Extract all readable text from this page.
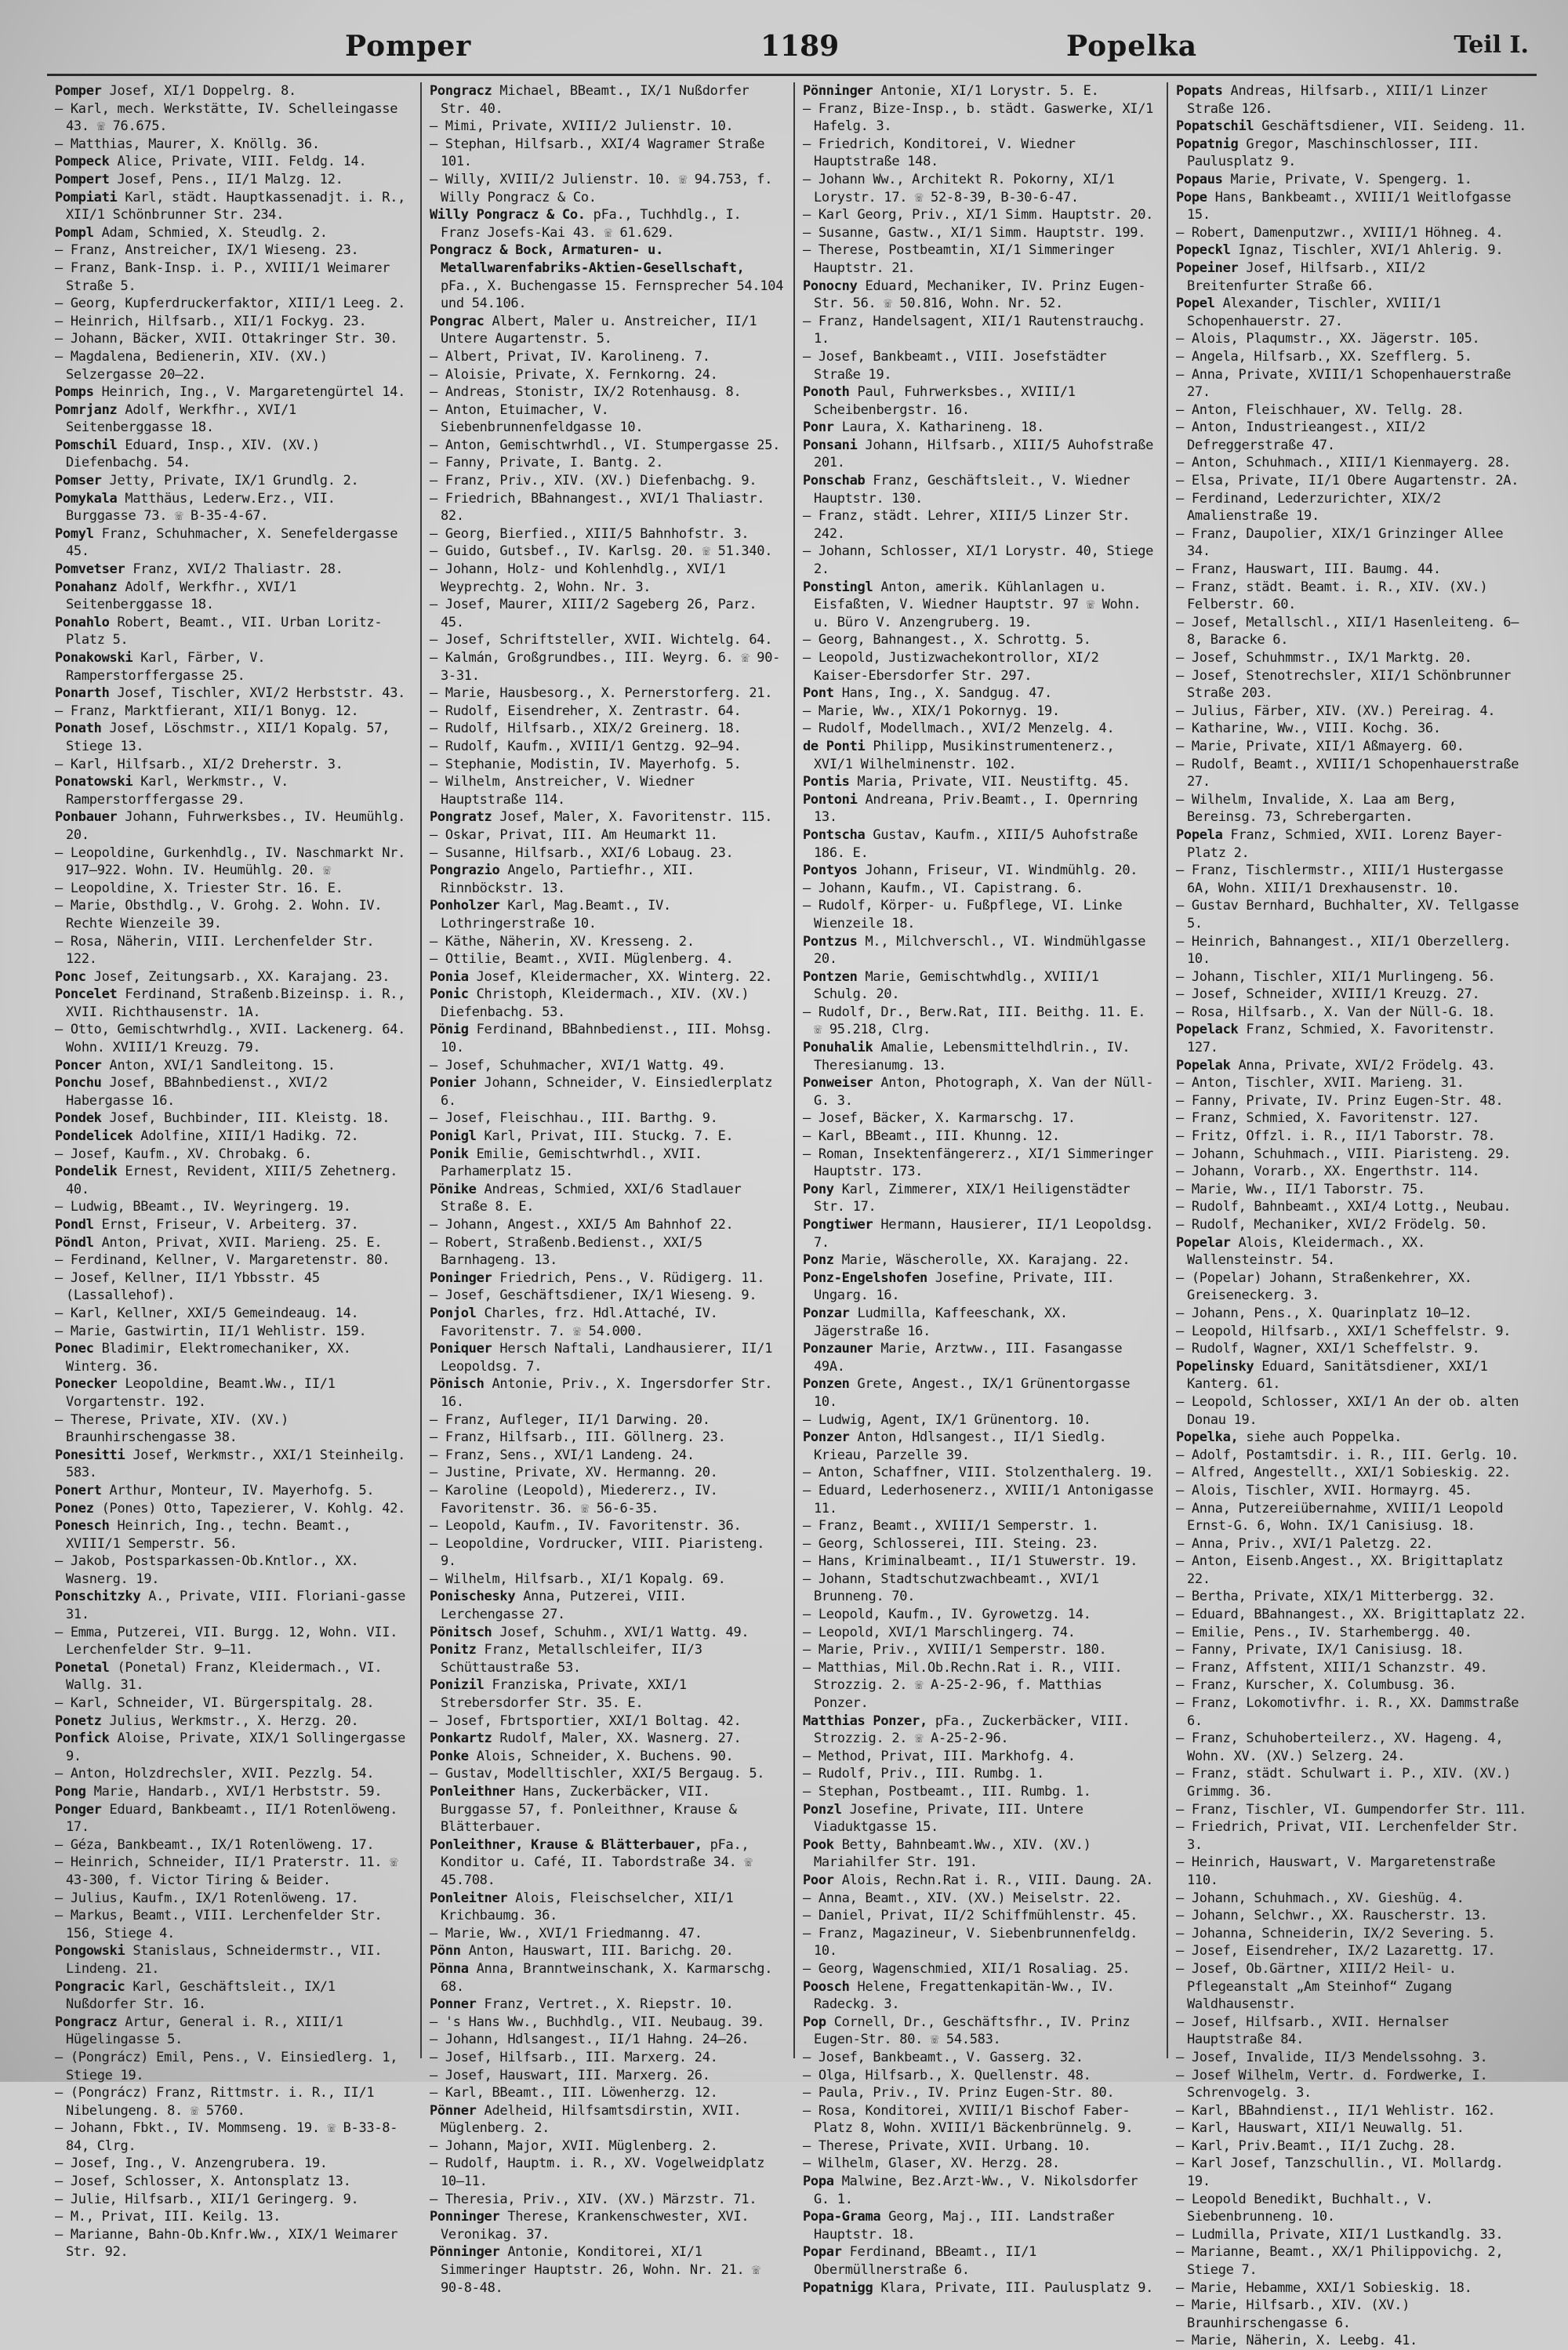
Pomper	1189	Popelka	Teil I.
Pomper Josef, XI/1 Doppelrg. 8.
– Karl, mech. Werkstätte, IV. Schelleingasse 43. ☏ 76.675.
– Matthias, Maurer, X. Knöllg. 36.
Pompeck Alice, Private, VIII. Feldg. 14.
Pompert Josef, Pens., II/1 Malzg. 12.
Pompiati Karl, städt. Hauptkassenadjt. i. R., XII/1 Schönbrunner Str. 234.
Pompl Adam, Schmied, X. Steudlg. 2.
– Franz, Anstreicher, IX/1 Wieseng. 23.
– Franz, Bank-Insp. i. P., XVIII/1 Weimarer Straße 5.
– Georg, Kupferdruckerfaktor, XIII/1 Leeg. 2.
– Heinrich, Hilfsarb., XII/1 Fockyg. 23.
– Johann, Bäcker, XVII. Ottakringer Str. 30.
– Magdalena, Bedienerin, XIV. (XV.) Selzergasse 20–22.
Pomps Heinrich, Ing., V. Margaretengürtel 14.
Pomrjanz Adolf, Werkfhr., XVI/1 Seitenberggasse 18.
Pomschil Eduard, Insp., XIV. (XV.) Diefenbachg. 54.
Pomser Jetty, Private, IX/1 Grundlg. 2.
Pomykala Matthäus, Lederw.Erz., VII. Burggasse 73. ☏ B-35-4-67.
Pomyl Franz, Schuhmacher, X. Senefeldergasse 45.
Pomvetser Franz, XVI/2 Thaliastr. 28.
Ponahanz Adolf, Werkfhr., XVI/1 Seitenberggasse 18.
Ponahlo Robert, Beamt., VII. Urban Loritz-Platz 5.
Ponakowski Karl, Färber, V. Ramperstorffergasse 25.
Ponarth Josef, Tischler, XVI/2 Herbststr. 43.
– Franz, Marktfierant, XII/1 Bonyg. 12.
Ponath Josef, Löschmstr., XII/1 Kopalg. 57, Stiege 13.
– Karl, Hilfsarb., XI/2 Dreherstr. 3.
Ponatowski Karl, Werkmstr., V. Ramperstorffergasse 29.
Ponbauer Johann, Fuhrwerksbes., IV. Heumühlg. 20.
– Leopoldine, Gurkenhdlg., IV. Naschmarkt Nr. 917–922. Wohn. IV. Heumühlg. 20. ☏
– Leopoldine, X. Triester Str. 16. E.
– Marie, Obsthdlg., V. Grohg. 2. Wohn. IV. Rechte Wienzeile 39.
– Rosa, Näherin, VIII. Lerchenfelder Str. 122.
Ponc Josef, Zeitungsarb., XX. Karajang. 23.
Poncelet Ferdinand, Straßenb.Bizeinsp. i. R., XVII. Richthausenstr. 1A.
– Otto, Gemischtwrhdlg., XVII. Lackenerg. 64. Wohn. XVIII/1 Kreuzg. 79.
Poncer Anton, XVI/1 Sandleitong. 15.
Ponchu Josef, BBahnbedienst., XVI/2 Habergasse 16.
Pondek Josef, Buchbinder, III. Kleistg. 18.
Pondelicek Adolfine, XIII/1 Hadikg. 72.
– Josef, Kaufm., XV. Chrobakg. 6.
Pondelik Ernest, Revident, XIII/5 Zehetnerg. 40.
– Ludwig, BBeamt., IV. Weyringerg. 19.
Pondl Ernst, Friseur, V. Arbeiterg. 37.
Pöndl Anton, Privat, XVII. Marieng. 25. E.
– Ferdinand, Kellner, V. Margaretenstr. 80.
– Josef, Kellner, II/1 Ybbsstr. 45 (Lassallehof).
– Karl, Kellner, XXI/5 Gemeindeaug. 14.
– Marie, Gastwirtin, II/1 Wehlistr. 159.
Ponec Bladimir, Elektromechaniker, XX. Winterg. 36.
Ponecker Leopoldine, Beamt.Ww., II/1 Vorgartenstr. 192.
– Therese, Private, XIV. (XV.) Braunhirschengasse 38.
Ponesitti Josef, Werkmstr., XXI/1 Steinheilg. 583.
Ponert Arthur, Monteur, IV. Mayerhofg. 5.
Ponez (Pones) Otto, Tapezierer, V. Kohlg. 42.
Ponesch Heinrich, Ing., techn. Beamt., XVIII/1 Semperstr. 56.
– Jakob, Postsparkassen-Ob.Kntlor., XX. Wasnerg. 19.
Ponschitzky A., Private, VIII. Floriani-gasse 31.
– Emma, Putzerei, VII. Burgg. 12, Wohn. VII. Lerchenfelder Str. 9–11.
Ponetal (Ponetal) Franz, Kleidermach., VI. Wallg. 31.
– Karl, Schneider, VI. Bürgerspitalg. 28.
Ponetz Julius, Werkmstr., X. Herzg. 20.
Ponfick Aloise, Private, XIX/1 Sollingergasse 9.
– Anton, Holzdrechsler, XVII. Pezzlg. 54.
Pong Marie, Handarb., XVI/1 Herbststr. 59.
Ponger Eduard, Bankbeamt., II/1 Rotenlöweng. 17.
– Géza, Bankbeamt., IX/1 Rotenlöweng. 17.
– Heinrich, Schneider, II/1 Praterstr. 11. ☏ 43-300, f. Victor Tiring & Beider.
– Julius, Kaufm., IX/1 Rotenlöweng. 17.
– Markus, Beamt., VIII. Lerchenfelder Str. 156, Stiege 4.
Pongowski Stanislaus, Schneidermstr., VII. Lindeng. 21.
Pongracic Karl, Geschäftsleit., IX/1 Nußdorfer Str. 16.
Pongracz Artur, General i. R., XIII/1 Hügelingasse 5.
– (Pongrácz) Emil, Pens., V. Einsiedlerg. 1, Stiege 19.
– (Pongrácz) Franz, Rittmstr. i. R., II/1 Nibelungeng. 8. ☏ 5760.
– Johann, Fbkt., IV. Mommseng. 19. ☏ B-33-8-84, Clrg.
– Josef, Ing., V. Anzengrubera. 19.
– Josef, Schlosser, X. Antonsplatz 13.
– Julie, Hilfsarb., XII/1 Geringerg. 9.
– M., Privat, III. Keilg. 13.
– Marianne, Bahn-Ob.Knfr.Ww., XIX/1 Weimarer Str. 92.
Pongracz Michael, BBeamt., IX/1 Nußdorfer Str. 40.
– Mimi, Private, XVIII/2 Julienstr. 10.
– Stephan, Hilfsarb., XXI/4 Wagramer Straße 101.
– Willy, XVIII/2 Julienstr. 10. ☏ 94.753, f. Willy Pongracz & Co.
Willy Pongracz & Co. pFa., Tuchhdlg., I. Franz Josefs-Kai 43. ☏ 61.629.
Pongracz & Bock, Armaturen- u. Metallwarenfabriks-Aktien-Gesellschaft, pFa., X. Buchengasse 15. Fernsprecher 54.104 und 54.106.
Pongrac Albert, Maler u. Anstreicher, II/1 Untere Augartenstr. 5.
– Albert, Privat, IV. Karolineng. 7.
– Aloisie, Private, X. Fernkorng. 24.
– Andreas, Stonistr, IX/2 Rotenhausg. 8.
– Anton, Etuimacher, V. Siebenbrunnenfeldgasse 10.
– Anton, Gemischtwrhdl., VI. Stumpergasse 25.
– Fanny, Private, I. Bantg. 2.
– Franz, Priv., XIV. (XV.) Diefenbachg. 9.
– Friedrich, BBahnangest., XVI/1 Thaliastr. 82.
– Georg, Bierfied., XIII/5 Bahnhofstr. 3.
– Guido, Gutsbef., IV. Karlsg. 20. ☏ 51.340.
– Johann, Holz- und Kohlenhdlg., XVI/1 Weyprechtg. 2, Wohn. Nr. 3.
– Josef, Maurer, XIII/2 Sageberg 26, Parz. 45.
– Josef, Schriftsteller, XVII. Wichtelg. 64.
– Kalmán, Großgrundbes., III. Weyrg. 6. ☏ 90-3-31.
– Marie, Hausbesorg., X. Pernerstorferg. 21.
– Rudolf, Eisendreher, X. Zentrastr. 64.
– Rudolf, Hilfsarb., XIX/2 Greinerg. 18.
– Rudolf, Kaufm., XVIII/1 Gentzg. 92–94.
– Stephanie, Modistin, IV. Mayerhofg. 5.
– Wilhelm, Anstreicher, V. Wiedner Hauptstraße 114.
Pongratz Josef, Maler, X. Favoritenstr. 115.
– Oskar, Privat, III. Am Heumarkt 11.
– Susanne, Hilfsarb., XXI/6 Lobaug. 23.
Pongrazio Angelo, Partiefhr., XII. Rinnböckstr. 13.
Ponholzer Karl, Mag.Beamt., IV. Lothringerstraße 10.
– Käthe, Näherin, XV. Kresseng. 2.
– Ottilie, Beamt., XVII. Müglenberg. 4.
Ponia Josef, Kleidermacher, XX. Winterg. 22.
Ponic Christoph, Kleidermach., XIV. (XV.) Diefenbachg. 53.
Pönig Ferdinand, BBahnbedienst., III. Mohsg. 10.
– Josef, Schuhmacher, XVI/1 Wattg. 49.
Ponier Johann, Schneider, V. Einsiedlerplatz 6.
– Josef, Fleischhau., III. Barthg. 9.
Ponigl Karl, Privat, III. Stuckg. 7. E.
Ponik Emilie, Gemischtwrhdl., XVII. Parhamerplatz 15.
Pönike Andreas, Schmied, XXI/6 Stadlauer Straße 8. E.
– Johann, Angest., XXI/5 Am Bahnhof 22.
– Robert, Straßenb.Bedienst., XXI/5 Barnhageng. 13.
Poninger Friedrich, Pens., V. Rüdigerg. 11.
– Josef, Geschäftsdiener, IX/1 Wieseng. 9.
Ponjol Charles, frz. Hdl.Attaché, IV. Favoritenstr. 7. ☏ 54.000.
Poniquer Hersch Naftali, Landhausierer, II/1 Leopoldsg. 7.
Pönisch Antonie, Priv., X. Ingersdorfer Str. 16.
– Franz, Aufleger, II/1 Darwing. 20.
– Franz, Hilfsarb., III. Göllnerg. 23.
– Franz, Sens., XVI/1 Landeng. 24.
– Justine, Private, XV. Hermanng. 20.
– Karoline (Leopold), Miedererz., IV. Favoritenstr. 36. ☏ 56-6-35.
– Leopold, Kaufm., IV. Favoritenstr. 36.
– Leopoldine, Vordrucker, VIII. Piaristeng. 9.
– Wilhelm, Hilfsarb., XI/1 Kopalg. 69.
Ponischesky Anna, Putzerei, VIII. Lerchengasse 27.
Pönitsch Josef, Schuhm., XVI/1 Wattg. 49.
Ponitz Franz, Metallschleifer, II/3 Schüttaustraße 53.
Ponizil Franziska, Private, XXI/1 Strebersdorfer Str. 35. E.
– Josef, Fbrtsportier, XXI/1 Boltag. 42.
Ponkartz Rudolf, Maler, XX. Wasnerg. 27.
Ponke Alois, Schneider, X. Buchens. 90.
– Gustav, Modelltischler, XXI/5 Bergaug. 5.
Ponleithner Hans, Zuckerbäcker, VII. Burggasse 57, f. Ponleithner, Krause & Blätterbauer.
Ponleithner, Krause & Blätterbauer, pFa., Konditor u. Café, II. Tabordstraße 34. ☏ 45.708.
Ponleitner Alois, Fleischselcher, XII/1 Krichbaumg. 36.
– Marie, Ww., XVI/1 Friedmanng. 47.
Pönn Anton, Hauswart, III. Barichg. 20.
Pönna Anna, Branntweinschank, X. Karmarschg. 68.
Ponner Franz, Vertret., X. Riepstr. 10.
– 's Hans Ww., Buchhdlg., VII. Neubaug. 39.
– Johann, Hdlsangest., II/1 Hahng. 24–26.
– Josef, Hilfsarb., III. Marxerg. 24.
– Josef, Hauswart, III. Marxerg. 26.
– Karl, BBeamt., III. Löwenherzg. 12.
Pönner Adelheid, Hilfsamtsdirstin, XVII. Müglenberg. 2.
– Johann, Major, XVII. Müglenberg. 2.
– Rudolf, Hauptm. i. R., XV. Vogelweidplatz 10–11.
– Theresia, Priv., XIV. (XV.) Märzstr. 71.
Ponninger Therese, Krankenschwester, XVI. Veronikag. 37.
Pönninger Antonie, Konditorei, XI/1 Simmeringer Hauptstr. 26, Wohn. Nr. 21. ☏ 90-8-48.
Pönninger Antonie, XI/1 Lorystr. 5. E.
– Franz, Bize-Insp., b. städt. Gaswerke, XI/1 Hafelg. 3.
– Friedrich, Konditorei, V. Wiedner Hauptstraße 148.
– Johann Ww., Architekt R. Pokorny, XI/1 Lorystr. 17. ☏ 52-8-39, B-30-6-47.
– Karl Georg, Priv., XI/1 Simm. Hauptstr. 20.
– Susanne, Gastw., XI/1 Simm. Hauptstr. 199.
– Therese, Postbeamtin, XI/1 Simmeringer Hauptstr. 21.
Ponocny Eduard, Mechaniker, IV. Prinz Eugen-Str. 56. ☏ 50.816, Wohn. Nr. 52.
– Franz, Handelsagent, XII/1 Rautenstrauchg. 1.
– Josef, Bankbeamt., VIII. Josefstädter Straße 19.
Ponoth Paul, Fuhrwerksbes., XVIII/1 Scheibenbergstr. 16.
Ponr Laura, X. Katharineng. 18.
Ponsani Johann, Hilfsarb., XIII/5 Auhofstraße 201.
Ponschab Franz, Geschäftsleit., V. Wiedner Hauptstr. 130.
– Franz, städt. Lehrer, XIII/5 Linzer Str. 242.
– Johann, Schlosser, XI/1 Lorystr. 40, Stiege 2.
Ponstingl Anton, amerik. Kühlanlagen u. Eisfaßten, V. Wiedner Hauptstr. 97 ☏ Wohn. u. Büro V. Anzengruberg. 19.
– Georg, Bahnangest., X. Schrottg. 5.
– Leopold, Justizwachekontrollor, XI/2 Kaiser-Ebersdorfer Str. 297.
Pont Hans, Ing., X. Sandgug. 47.
– Marie, Ww., XIX/1 Pokornyg. 19.
– Rudolf, Modellmach., XVI/2 Menzelg. 4.
de Ponti Philipp, Musikinstrumentenerz., XVI/1 Wilhelminenstr. 102.
Pontis Maria, Private, VII. Neustiftg. 45.
Pontoni Andreana, Priv.Beamt., I. Opernring 13.
Pontscha Gustav, Kaufm., XIII/5 Auhofstraße 186. E.
Pontyos Johann, Friseur, VI. Windmühlg. 20.
– Johann, Kaufm., VI. Capistrang. 6.
– Rudolf, Körper- u. Fußpflege, VI. Linke Wienzeile 18.
Pontzus M., Milchverschl., VI. Windmühlgasse 20.
Pontzen Marie, Gemischtwhdlg., XVIII/1 Schulg. 20.
– Rudolf, Dr., Berw.Rat, III. Beithg. 11. E. ☏ 95.218, Clrg.
Ponuhalik Amalie, Lebensmittelhdlrin., IV. Theresianumg. 13.
Ponweiser Anton, Photograph, X. Van der Nüll-G. 3.
– Josef, Bäcker, X. Karmarschg. 17.
– Karl, BBeamt., III. Khunng. 12.
– Roman, Insektenfängererz., XI/1 Simmeringer Hauptstr. 173.
Pony Karl, Zimmerer, XIX/1 Heiligenstädter Str. 17.
Pongtiwer Hermann, Hausierer, II/1 Leopoldsg. 7.
Ponz Marie, Wäscherolle, XX. Karajang. 22.
Ponz-Engelshofen Josefine, Private, III. Ungarg. 16.
Ponzar Ludmilla, Kaffeeschank, XX. Jägerstraße 16.
Ponzauner Marie, Arztww., III. Fasangasse 49A.
Ponzen Grete, Angest., IX/1 Grünentorgasse 10.
– Ludwig, Agent, IX/1 Grünentorg. 10.
Ponzer Anton, Hdlsangest., II/1 Siedlg. Krieau, Parzelle 39.
– Anton, Schaffner, VIII. Stolzenthalerg. 19.
– Eduard, Lederhosenerz., XVIII/1 Antonigasse 11.
– Franz, Beamt., XVIII/1 Semperstr. 1.
– Georg, Schlosserei, III. Steing. 23.
– Hans, Kriminalbeamt., II/1 Stuwerstr. 19.
– Johann, Stadtschutzwachbeamt., XVI/1 Brunneng. 70.
– Leopold, Kaufm., IV. Gyrowetzg. 14.
– Leopold, XVI/1 Marschlingerg. 74.
– Marie, Priv., XVIII/1 Semperstr. 180.
– Matthias, Mil.Ob.Rechn.Rat i. R., VIII. Strozzig. 2. ☏ A-25-2-96, f. Matthias Ponzer.
Matthias Ponzer, pFa., Zuckerbäcker, VIII. Strozzig. 2. ☏ A-25-2-96.
– Method, Privat, III. Markhofg. 4.
– Rudolf, Priv., III. Rumbg. 1.
– Stephan, Postbeamt., III. Rumbg. 1.
Ponzl Josefine, Private, III. Untere Viaduktgasse 15.
Pook Betty, Bahnbeamt.Ww., XIV. (XV.) Mariahilfer Str. 191.
Poor Alois, Rechn.Rat i. R., VIII. Daung. 2A.
– Anna, Beamt., XIV. (XV.) Meiselstr. 22.
– Daniel, Privat, II/2 Schiffmühlenstr. 45.
– Franz, Magazineur, V. Siebenbrunnenfeldg. 10.
– Georg, Wagenschmied, XII/1 Rosaliag. 25.
Poosch Helene, Fregattenkapitän-Ww., IV. Radeckg. 3.
Pop Cornell, Dr., Geschäftsfhr., IV. Prinz Eugen-Str. 80. ☏ 54.583.
– Josef, Bankbeamt., V. Gasserg. 32.
– Olga, Hilfsarb., X. Quellenstr. 48.
– Paula, Priv., IV. Prinz Eugen-Str. 80.
– Rosa, Konditorei, XVIII/1 Bischof Faber-Platz 8, Wohn. XVIII/1 Bäckenbrünnelg. 9.
– Therese, Private, XVII. Urbang. 10.
– Wilhelm, Glaser, XV. Herzg. 28.
Popa Malwine, Bez.Arzt-Ww., V. Nikolsdorfer G. 1.
Popa-Grama Georg, Maj., III. Landstraßer Hauptstr. 18.
Popar Ferdinand, BBeamt., II/1 Obermüllnerstraße 6.
Popatnigg Klara, Private, III. Paulusplatz 9.
Popats Andreas, Hilfsarb., XIII/1 Linzer Straße 126.
Popatschil Geschäftsdiener, VII. Seideng. 11.
Popatnig Gregor, Maschinschlosser, III. Paulusplatz 9.
Popaus Marie, Private, V. Spengerg. 1.
Pope Hans, Bankbeamt., XVIII/1 Weitlofgasse 15.
– Robert, Damenputzwr., XVIII/1 Höhneg. 4.
Popeckl Ignaz, Tischler, XVI/1 Ahlerig. 9.
Popeiner Josef, Hilfsarb., XII/2 Breitenfurter Straße 66.
Popel Alexander, Tischler, XVIII/1 Schopenhauerstr. 27.
– Alois, Plaqumstr., XX. Jägerstr. 105.
– Angela, Hilfsarb., XX. Szefflerg. 5.
– Anna, Private, XVIII/1 Schopenhauerstraße 27.
– Anton, Fleischhauer, XV. Tellg. 28.
– Anton, Industrieangest., XII/2 Defreggerstraße 47.
– Anton, Schuhmach., XIII/1 Kienmayerg. 28.
– Elsa, Private, II/1 Obere Augartenstr. 2A.
– Ferdinand, Lederzurichter, XIX/2 Amalienstraße 19.
– Franz, Daupolier, XIX/1 Grinzinger Allee 34.
– Franz, Hauswart, III. Baumg. 44.
– Franz, städt. Beamt. i. R., XIV. (XV.) Felberstr. 60.
– Josef, Metallschl., XII/1 Hasenleiteng. 6–8, Baracke 6.
– Josef, Schuhmmstr., IX/1 Marktg. 20.
– Josef, Stenotrechsler, XII/1 Schönbrunner Straße 203.
– Julius, Färber, XIV. (XV.) Pereirag. 4.
– Katharine, Ww., VIII. Kochg. 36.
– Marie, Private, XII/1 Aßmayerg. 60.
– Rudolf, Beamt., XVIII/1 Schopenhauerstraße 27.
– Wilhelm, Invalide, X. Laa am Berg, Bereinsg. 73, Schrebergarten.
Popela Franz, Schmied, XVII. Lorenz Bayer-Platz 2.
– Franz, Tischlermstr., XIII/1 Hustergasse 6A, Wohn. XIII/1 Drexhausenstr. 10.
– Gustav Bernhard, Buchhalter, XV. Tellgasse 5.
– Heinrich, Bahnangest., XII/1 Oberzellerg. 10.
– Johann, Tischler, XII/1 Murlingeng. 56.
– Josef, Schneider, XVIII/1 Kreuzg. 27.
– Rosa, Hilfsarb., X. Van der Nüll-G. 18.
Popelack Franz, Schmied, X. Favoritenstr. 127.
Popelak Anna, Private, XVI/2 Frödelg. 43.
– Anton, Tischler, XVII. Marieng. 31.
– Fanny, Private, IV. Prinz Eugen-Str. 48.
– Franz, Schmied, X. Favoritenstr. 127.
– Fritz, Offzl. i. R., II/1 Taborstr. 78.
– Johann, Schuhmach., VIII. Piaristeng. 29.
– Johann, Vorarb., XX. Engerthstr. 114.
– Marie, Ww., II/1 Taborstr. 75.
– Rudolf, Bahnbeamt., XXI/4 Lottg., Neubau.
– Rudolf, Mechaniker, XVI/2 Frödelg. 50.
Popelar Alois, Kleidermach., XX. Wallensteinstr. 54.
– (Popelar) Johann, Straßenkehrer, XX. Greiseneckerg. 3.
– Johann, Pens., X. Quarinplatz 10–12.
– Leopold, Hilfsarb., XXI/1 Scheffelstr. 9.
– Rudolf, Wagner, XXI/1 Scheffelstr. 9.
Popelinsky Eduard, Sanitätsdiener, XXI/1 Kanterg. 61.
– Leopold, Schlosser, XXI/1 An der ob. alten Donau 19.
Popelka, siehe auch Poppelka.
– Adolf, Postamtsdir. i. R., III. Gerlg. 10.
– Alfred, Angestellt., XXI/1 Sobieskig. 22.
– Alois, Tischler, XVII. Hormayrg. 45.
– Anna, Putzereiübernahme, XVIII/1 Leopold Ernst-G. 6, Wohn. IX/1 Canisiusg. 18.
– Anna, Priv., XVI/1 Paletzg. 22.
– Anton, Eisenb.Angest., XX. Brigittaplatz 22.
– Bertha, Private, XIX/1 Mitterbergg. 32.
– Eduard, BBahnangest., XX. Brigittaplatz 22.
– Emilie, Pens., IV. Starhembergg. 40.
– Fanny, Private, IX/1 Canisiusg. 18.
– Franz, Affstent, XIII/1 Schanzstr. 49.
– Franz, Kurscher, X. Columbusg. 36.
– Franz, Lokomotivfhr. i. R., XX. Dammstraße 6.
– Franz, Schuhoberteilerz., XV. Hageng. 4, Wohn. XV. (XV.) Selzerg. 24.
– Franz, städt. Schulwart i. P., XIV. (XV.) Grimmg. 36.
– Franz, Tischler, VI. Gumpendorfer Str. 111.
– Friedrich, Privat, VII. Lerchenfelder Str. 3.
– Heinrich, Hauswart, V. Margaretenstraße 110.
– Johann, Schuhmach., XV. Gieshüg. 4.
– Johann, Selchwr., XX. Rauscherstr. 13.
– Johanna, Schneiderin, IX/2 Severing. 5.
– Josef, Eisendreher, IX/2 Lazarettg. 17.
– Josef, Ob.Gärtner, XIII/2 Heil- u. Pflegeanstalt „Am Steinhof“ Zugang Waldhausenstr.
– Josef, Hilfsarb., XVII. Hernalser Hauptstraße 84.
– Josef, Invalide, II/3 Mendelssohng. 3.
– Josef Wilhelm, Vertr. d. Fordwerke, I. Schrenvogelg. 3.
– Karl, BBahndienst., II/1 Wehlistr. 162.
– Karl, Hauswart, XII/1 Neuwallg. 51.
– Karl, Priv.Beamt., II/1 Zuchg. 28.
– Karl Josef, Tanzschullin., VI. Mollardg. 19.
– Leopold Benedikt, Buchhalt., V. Siebenbrunneng. 10.
– Ludmilla, Private, XII/1 Lustkandlg. 33.
– Marianne, Beamt., XX/1 Philippovichg. 2, Stiege 7.
– Marie, Hebamme, XXI/1 Sobieskig. 18.
– Marie, Hilfsarb., XIV. (XV.) Braunhirschengasse 6.
– Marie, Näherin, X. Leebg. 41.
